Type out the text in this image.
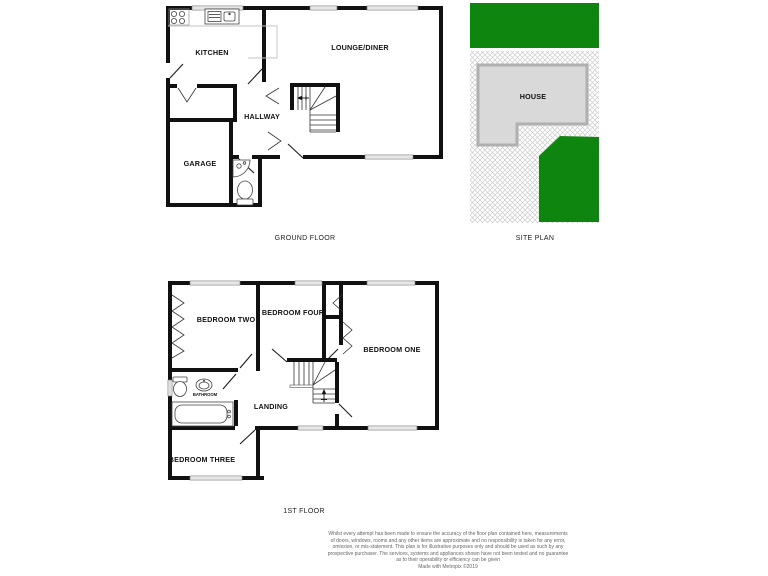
KITCHEN
LOUNGE/DINER
HALLWAY
GARAGE
GROUND FLOOR
HOUSE
SITE PLAN
BEDROOM TWO
BEDROOM FOUR
BEDROOM ONE
LANDING
BATHROOM
BEDROOM THREE
1ST FLOOR
Whilst every attempt has been made to ensure the accuracy of the floor plan contained here, measurements
of doors, windows, rooms and any other items are approximate and no responsibility is taken for any error,
omission, or mis-statement. This plan is for illustrative purposes only and should be used as such by any
prospective purchaser. The services, systems and appliances shown have not been tested and no guarantee
as to their operability or efficiency can be given
Made with Metropix ©2019
